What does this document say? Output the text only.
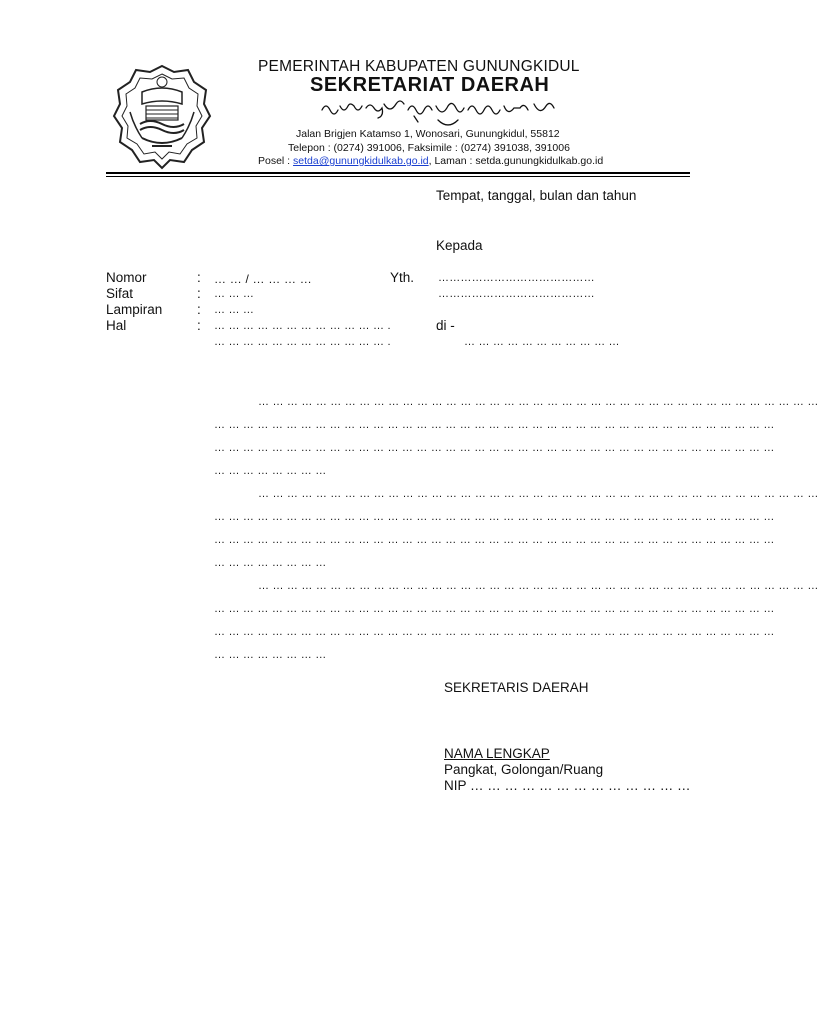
PEMERINTAH KABUPATEN GUNUNGKIDUL
SEKRETARIAT DAERAH
Jalan Brigjen Katamso 1, Wonosari, Gunungkidul, 55812
Telepon : (0274) 391006, Faksimile : (0274) 391038, 391006
Posel : setda@gunungkidulkab.go.id, Laman : setda.gunungkidulkab.go.id
Tempat, tanggal, bulan dan tahun
Kepada
Nomor
Sifat
Lampiran
Hal
:
:
:
:
… … / … … … …
… … …
… … …
… … … … … … … … … … … … .
… … … … … … … … … … … … .
Yth. ……………………………………
……………………………………
di -
… … … … … … … … … … …
… … … … … … … … … … … … … … … … … … … … … … … … … … … … … … … … … … … … … … …
… … … … … … … … … … … … … … … … … … … … … … … … … … … … … … … … … … … … … … …
… … … … … … … … … … … … … … … … … … … … … … … … … … … … … … … … … … … … … … …
… … … … … … … …
… … … … … … … … … … … … … … … … … … … … … … … … … … … … … … … … … … … … … … …
… … … … … … … … … … … … … … … … … … … … … … … … … … … … … … … … … … … … … … …
… … … … … … … … … … … … … … … … … … … … … … … … … … … … … … … … … … … … … … …
… … … … … … … …
… … … … … … … … … … … … … … … … … … … … … … … … … … … … … … … … … … … … … … …
… … … … … … … … … … … … … … … … … … … … … … … … … … … … … … … … … … … … … … …
… … … … … … … … … … … … … … … … … … … … … … … … … … … … … … … … … … … … … … …
… … … … … … … …
SEKRETARIS DAERAH
NAMA LENGKAP
Pangkat, Golongan/Ruang
NIP … … … … … … … … … … … … …
